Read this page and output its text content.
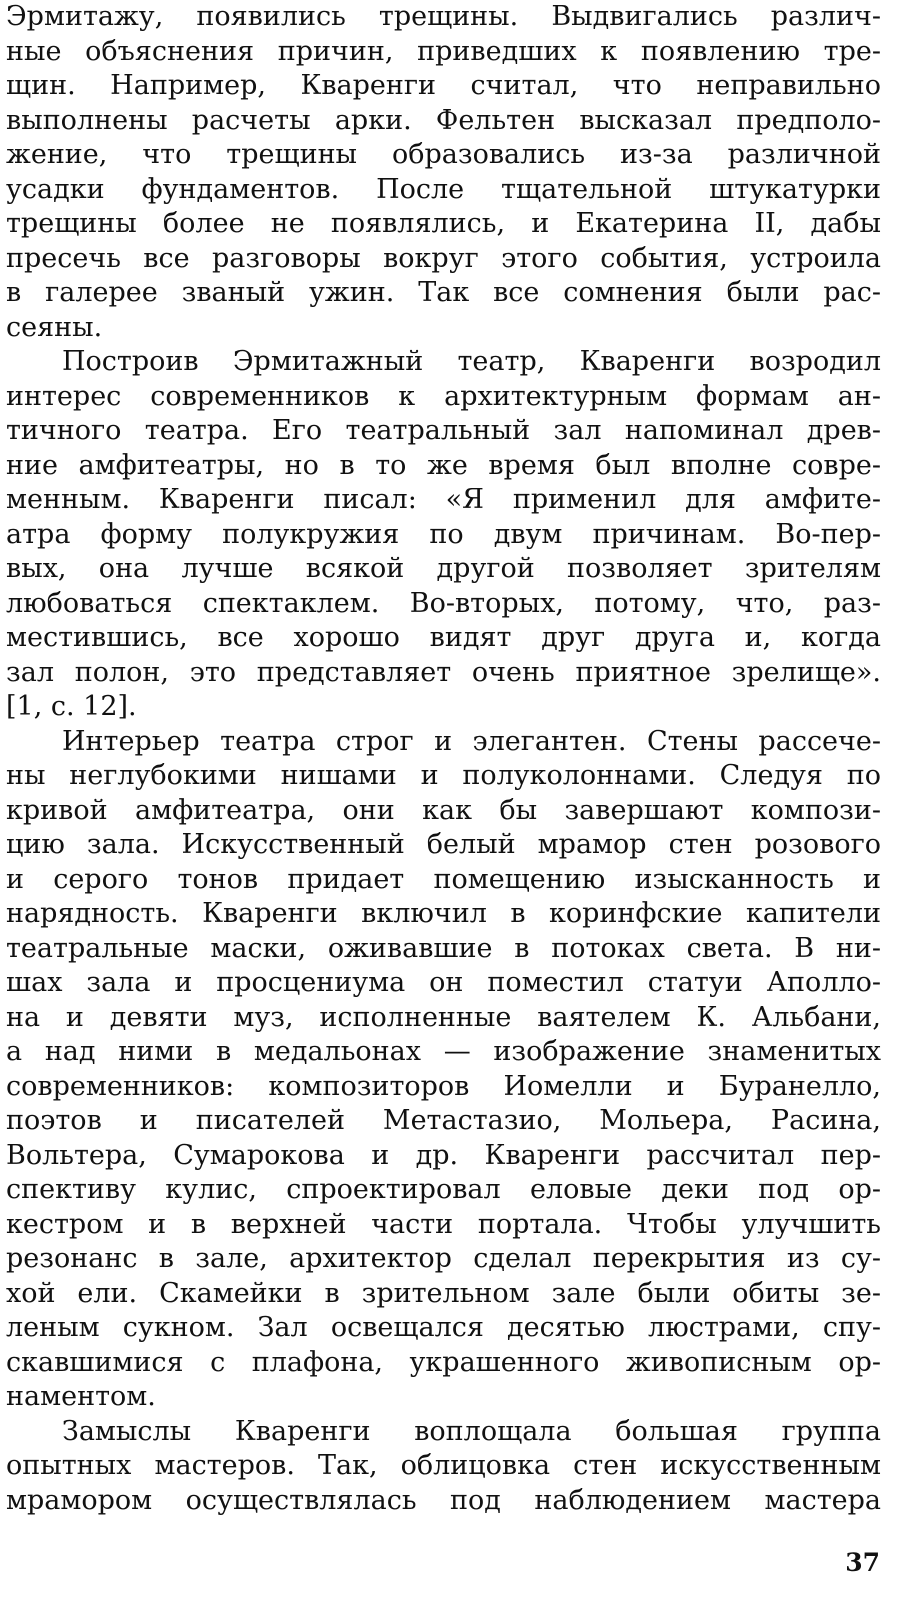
Эрмитажу, появились трещины. Выдвигались различ-
ные объяснения причин, приведших к появлению тре-
щин. Например, Кваренги считал, что неправильно
выполнены расчеты арки. Фельтен высказал предполо-
жение, что трещины образовались из-за различной
усадки фундаментов. После тщательной штукатурки
трещины более не появлялись, и Екатерина II, дабы
пресечь все разговоры вокруг этого события, устроила
в галерее званый ужин. Так все сомнения были рас-
сеяны.
Построив Эрмитажный театр, Кваренги возродил
интерес современников к архитектурным формам ан-
тичного театра. Его театральный зал напоминал древ-
ние амфитеатры, но в то же время был вполне совре-
менным. Кваренги писал: «Я применил для амфите-
атра форму полукружия по двум причинам. Во-пер-
вых, она лучше всякой другой позволяет зрителям
любоваться спектаклем. Во-вторых, потому, что, раз-
местившись, все хорошо видят друг друга и, когда
зал полон, это представляет очень приятное зрелище».
[1, с. 12].
Интерьер театра строг и элегантен. Стены рассече-
ны неглубокими нишами и полуколоннами. Следуя по
кривой амфитеатра, они как бы завершают компози-
цию зала. Искусственный белый мрамор стен розового
и серого тонов придает помещению изысканность и
нарядность. Кваренги включил в коринфские капители
театральные маски, оживавшие в потоках света. В ни-
шах зала и просцениума он поместил статуи Аполло-
на и девяти муз, исполненные ваятелем К. Альбани,
а над ними в медальонах — изображение знаменитых
современников: композиторов Иомелли и Буранелло,
поэтов и писателей Метастазио, Мольера, Расина,
Вольтера, Сумарокова и др. Кваренги рассчитал пер-
спективу кулис, спроектировал еловые деки под ор-
кестром и в верхней части портала. Чтобы улучшить
резонанс в зале, архитектор сделал перекрытия из су-
хой ели. Скамейки в зрительном зале были обиты зе-
леным сукном. Зал освещался десятью люстрами, спу-
скавшимися с плафона, украшенного живописным ор-
наментом.
Замыслы Кваренги воплощала большая группа
опытных мастеров. Так, облицовка стен искусственным
мрамором осуществлялась под наблюдением мастера
37
